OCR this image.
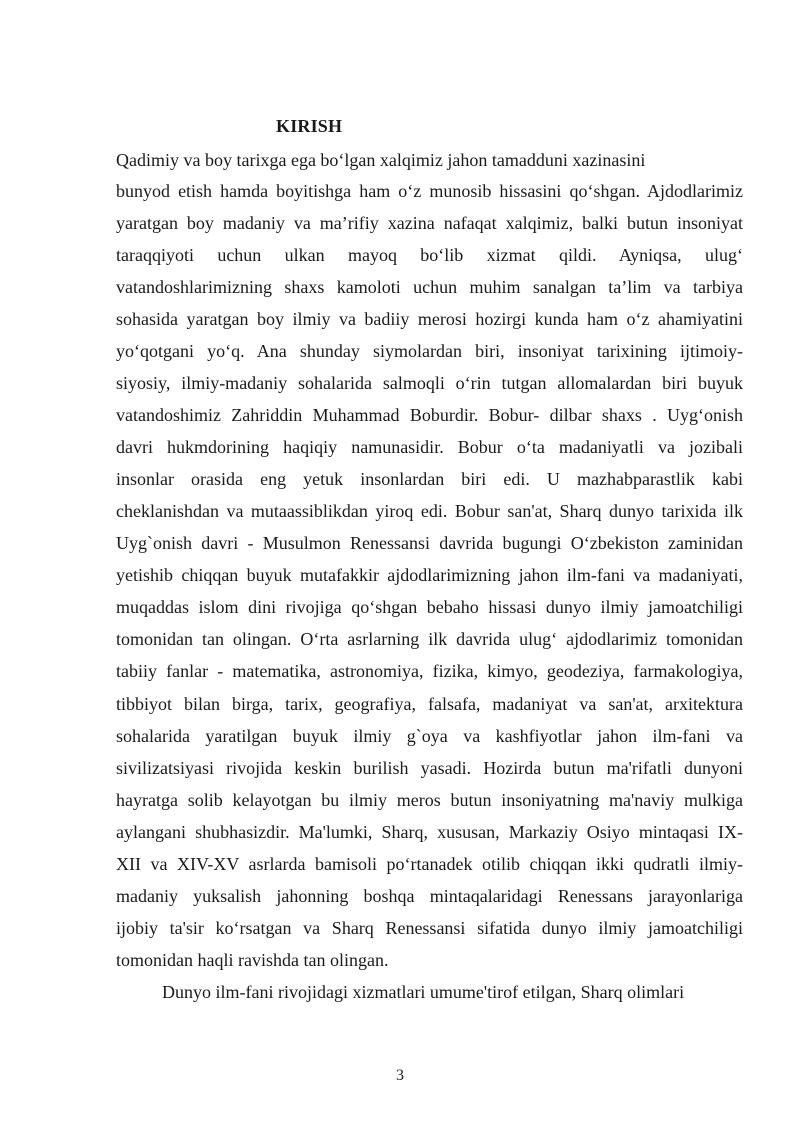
KIRISH
Qadimiy va boy tarixga ega bo‘lgan xalqimiz jahon tamadduni xazinasini
bunyod etish hamda boyitishga ham o‘z munosib hissasini qo‘shgan. Ajdodlarimiz
yaratgan boy madaniy va ma’rifiy xazina nafaqat xalqimiz, balki butun insoniyat
taraqqiyoti uchun ulkan mayoq bo‘lib xizmat qildi. Ayniqsa, ulug‘
vatandoshlarimizning shaxs kamoloti uchun muhim sanalgan ta’lim va tarbiya
sohasida yaratgan boy ilmiy va badiiy merosi hozirgi kunda ham o‘z ahamiyatini
yo‘qotgani yo‘q. Ana shunday siymolardan biri, insoniyat tarixining ijtimoiy-
siyosiy, ilmiy-madaniy sohalarida salmoqli o‘rin tutgan allomalardan biri buyuk
vatandoshimiz Zahriddin Muhammad Boburdir. Bobur- dilbar shaxs . Uyg‘onish
davri hukmdorining haqiqiy namunasidir. Bobur o‘ta madaniyatli va jozibali
insonlar orasida eng yetuk insonlardan biri edi. U mazhabparastlik kabi
cheklanishdan va mutaassiblikdan yiroq edi. Bobur san'at, Sharq dunyo tarixida ilk
Uyg`onish davri - Musulmon Renessansi davrida bugungi O‘zbekiston zaminidan
yetishib chiqqan buyuk mutafakkir ajdodlarimizning jahon ilm-fani va madaniyati,
muqaddas islom dini rivojiga qo‘shgan bebaho hissasi dunyo ilmiy jamoatchiligi
tomonidan tan olingan. O‘rta asrlarning ilk davrida ulug‘ ajdodlarimiz tomonidan
tabiiy fanlar - matematika, astronomiya, fizika, kimyo, geodeziya, farmakologiya,
tibbiyot bilan birga, tarix, geografiya, falsafa, madaniyat va san'at, arxitektura
sohalarida yaratilgan buyuk ilmiy g`oya va kashfiyotlar jahon ilm-fani va
sivilizatsiyasi rivojida keskin burilish yasadi. Hozirda butun ma'rifatli dunyoni
hayratga solib kelayotgan bu ilmiy meros butun insoniyatning ma'naviy mulkiga
aylangani shubhasizdir. Ma'lumki, Sharq, xususan, Markaziy Osiyo mintaqasi IX-
XII va XIV-XV asrlarda bamisoli po‘rtanadek otilib chiqqan ikki qudratli ilmiy-
madaniy yuksalish jahonning boshqa mintaqalaridagi Renessans jarayonlariga
ijobiy ta'sir ko‘rsatgan va Sharq Renessansi sifatida dunyo ilmiy jamoatchiligi
tomonidan haqli ravishda tan olingan.
Dunyo ilm-fani rivojidagi xizmatlari umume'tirof etilgan, Sharq olimlari
3
